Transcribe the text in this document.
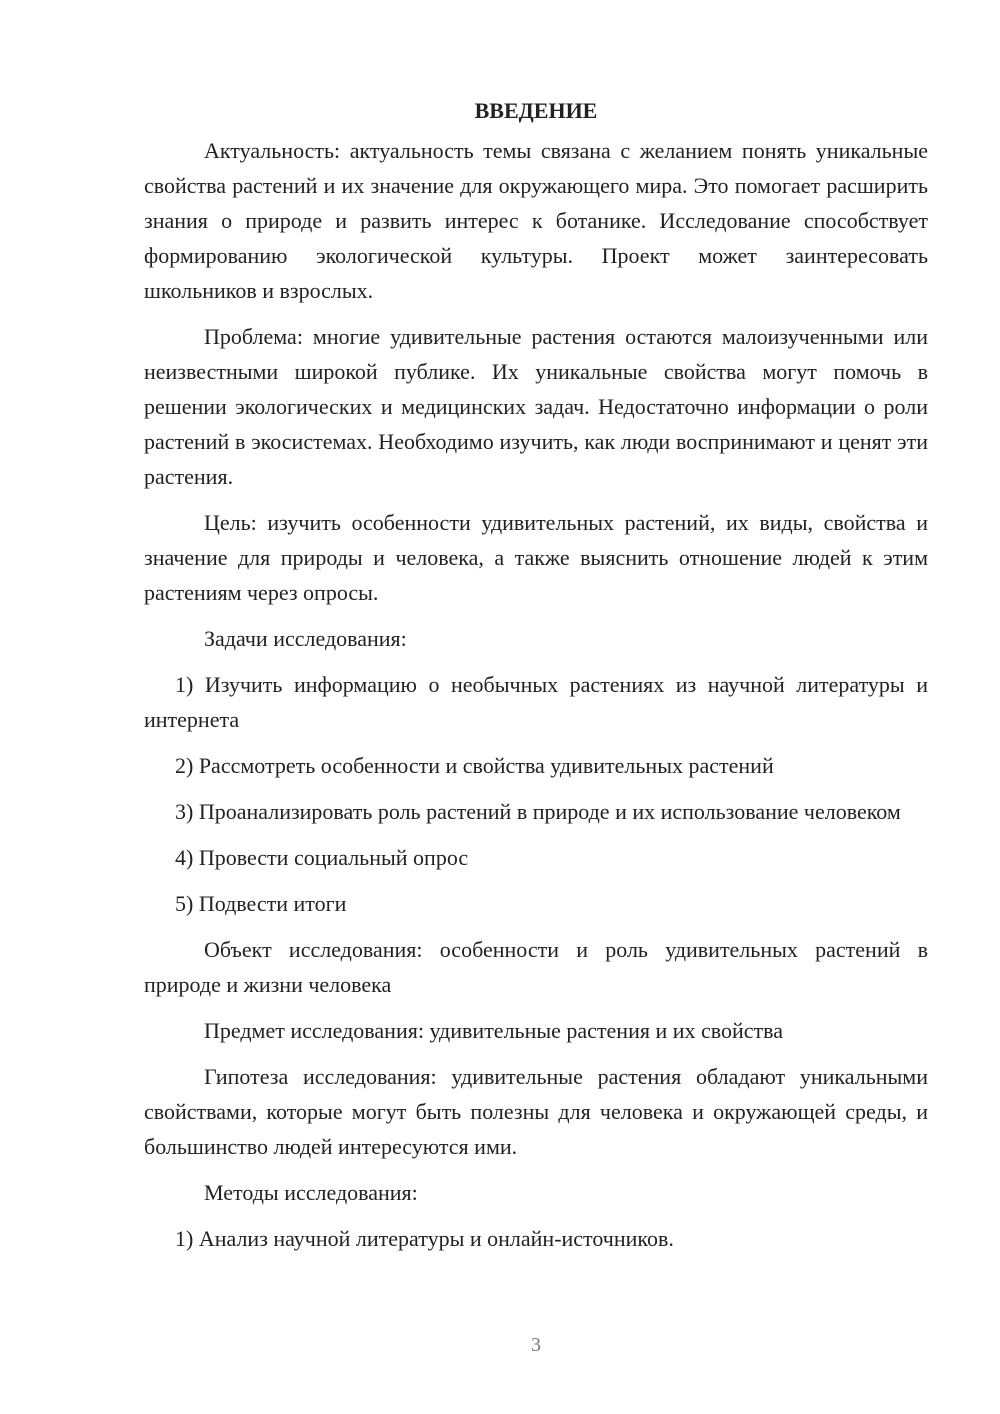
ВВЕДЕНИЕ

Актуальность: актуальность темы связана с желанием понять уникальные свойства растений и их значение для окружающего мира. Это помогает расширить знания о природе и развить интерес к ботанике. Исследование способствует формированию экологической культуры. Проект может заинтересовать школьников и взрослых.

Проблема: многие удивительные растения остаются малоизученными или неизвестными широкой публике. Их уникальные свойства могут помочь в решении экологических и медицинских задач. Недостаточно информации о роли растений в экосистемах. Необходимо изучить, как люди воспринимают и ценят эти растения.

Цель: изучить особенности удивительных растений, их виды, свойства и значение для природы и человека, а также выяснить отношение людей к этим растениям через опросы.

Задачи исследования:

1) Изучить информацию о необычных растениях из научной литературы и интернета

2) Рассмотреть особенности и свойства удивительных растений

3) Проанализировать роль растений в природе и их использование человеком

4) Провести социальный опрос

5) Подвести итоги

Объект исследования: особенности и роль удивительных растений в природе и жизни человека

Предмет исследования: удивительные растения и их свойства

Гипотеза исследования: удивительные растения обладают уникальными свойствами, которые могут быть полезны для человека и окружающей среды, и большинство людей интересуются ими.

Методы исследования:

1) Анализ научной литературы и онлайн-источников.

3
